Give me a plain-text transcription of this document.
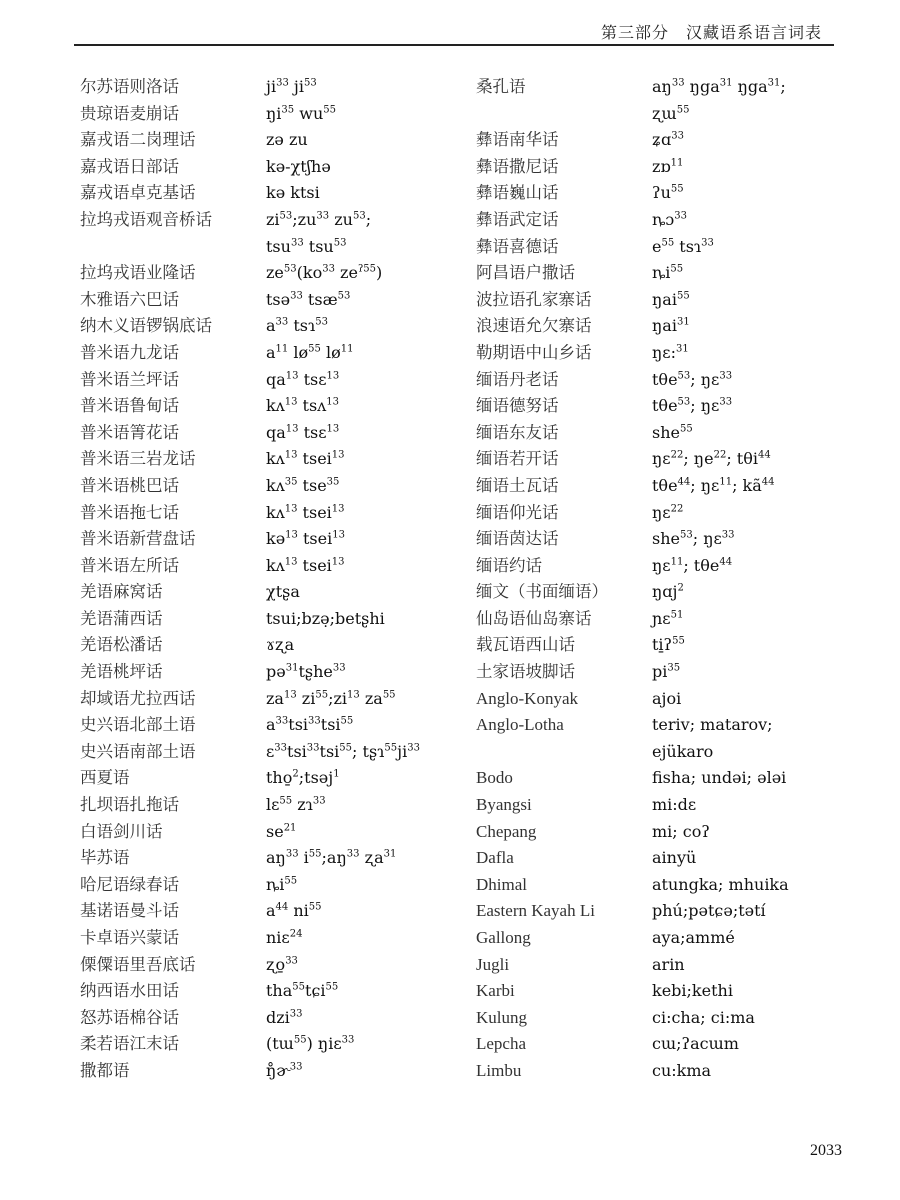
第三部分　汉藏语系语言词表
尔苏语则洛话	$ji^{33}$ $ji^{53}$
贵琼语麦崩话	$ŋi^{35}$ $wu^{55}$
嘉戎语二岗理话	zə zu
嘉戎语日部话	kə-χtʃhə
嘉戎语卓克基话	kə ktsi
拉坞戎语观音桥话	$zi^{53};zu^{33}$ $zu^{53}$;
tsu$^{33}$ tsu$^{53}$
拉坞戎语业隆话	$ze^{53}(ko^{33}$ $ze^{ʔ55}$)
木雅语六巴话	tsə$^{33}$ tsæ$^{53}$
纳木义语锣锅底话	$a^{33}$ tsɿ$^{53}$
普米语九龙话	$a^{11}$ $lø^{55}$ $lø^{11}$
普米语兰坪话	$qa^{13}$ tsɛ$^{13}$
普米语鲁甸话	kʌ$^{13}$ tsʌ$^{13}$
普米语箐花话	$qa^{13}$ tsɛ$^{13}$
普米语三岩龙话	kʌ$^{13}$ tsei$^{13}$
普米语桃巴话	kʌ$^{35}$ tse$^{35}$
普米语拖七话	kʌ$^{13}$ tsei$^{13}$
普米语新营盘话	kə$^{13}$ tsei$^{13}$
普米语左所话	kʌ$^{13}$ tsei$^{13}$
羌语麻窝话	χtʂa
羌语蒲西话	tsui;bzə̣;betʂhi
羌语松潘话	ɤʐa
羌语桃坪话	pə$^{31}$tʂhe$^{33}$
却域语尤拉西话	$za^{13}$ $zi^{55};zi^{13}$ $za^{55}$
史兴语北部土语	$a^{33}tsi^{33}tsi^{55}$
史兴语南部土语	ɛ$^{33}$tsi$^{33}$tsi$^{55}$; $tʂɿ^{55}ji^{33}$
西夏语	tho̱$^2$;tsəj$^1$
扎坝语扎拖话	lɛ$^{55}$ zɿ$^{33}$
白语剑川话	$se^{21}$
毕苏语	$aŋ^{33}$ $i^{55};aŋ^{33}$ ʐa$^{31}$
哈尼语绿春话	$ȵi^{55}$
基诺语曼斗话	$a^{44}$ $ni^{55}$
卡卓语兴蒙话	niɛ$^{24}$
傈僳语里吾底话	ʐo̱$^{33}$
纳西语水田话	tha$^{55}$tɕi$^{55}$
怒苏语棉谷话	dzi$^{33}$
柔若语江末话	(tɯ$^{55}$) ŋiɛ$^{33}$
撒都语	ŋ̊ɚ$^{33}$
桑孔语	$aŋ^{33}$ ŋga$^{31}$ ŋga$^{31}$;
ʐɯ$^{55}$
彝语南华话	ʑɑ$^{33}$
彝语撒尼话	zɒ$^{11}$
彝语巍山话	ʔu$^{55}$
彝语武定话	ȵɔ$^{33}$
彝语喜德话	$e^{55}$ tsɿ$^{33}$
阿昌语户撒话	$ȵi^{55}$
波拉语孔家寨话	ŋai$^{55}$
浪速语允欠寨话	ŋai$^{31}$
勒期语中山乡话	ŋɛ:$^{31}$
缅语丹老话	tθe$^{53}$; ŋɛ$^{33}$
缅语德努话	tθe$^{53}$; ŋɛ$^{33}$
缅语东友话	she$^{55}$
缅语若开话	ŋɛ$^{22}$; $ŋe^{22}$; tθi$^{44}$
缅语土瓦话	tθe$^{44}$; ŋɛ$^{11}$; $kã^{44}$
缅语仰光话	ŋɛ$^{22}$
缅语茵达话	she$^{53}$; ŋɛ$^{33}$
缅语约话	ŋɛ$^{11}$; tθe$^{44}$
缅文（书面缅语）	ŋɑj$^2$
仙岛语仙岛寨话	ɲɛ$^{51}$
载瓦语西山话	ti̱ʔ$^{55}$
土家语坡脚话	$pi^{35}$
Anglo-Konyak	ajoi
Anglo-Lotha	teriv; matarov;
ejükaro
Bodo	fisha; undəi; ələi
Byangsi	mi:dɛ
Chepang	mi; coʔ
Dafla	ainyü
Dhimal	atungka; mhuika
Eastern Kayah Li	phú;pətɕə;tətí
Gallong	aya;ammé
Jugli	arin
Karbi	kebi;kethi
Kulung	ci:cha; ci:ma
Lepcha	cɯ;ʔacɯm
Limbu	cu:kma
2033
